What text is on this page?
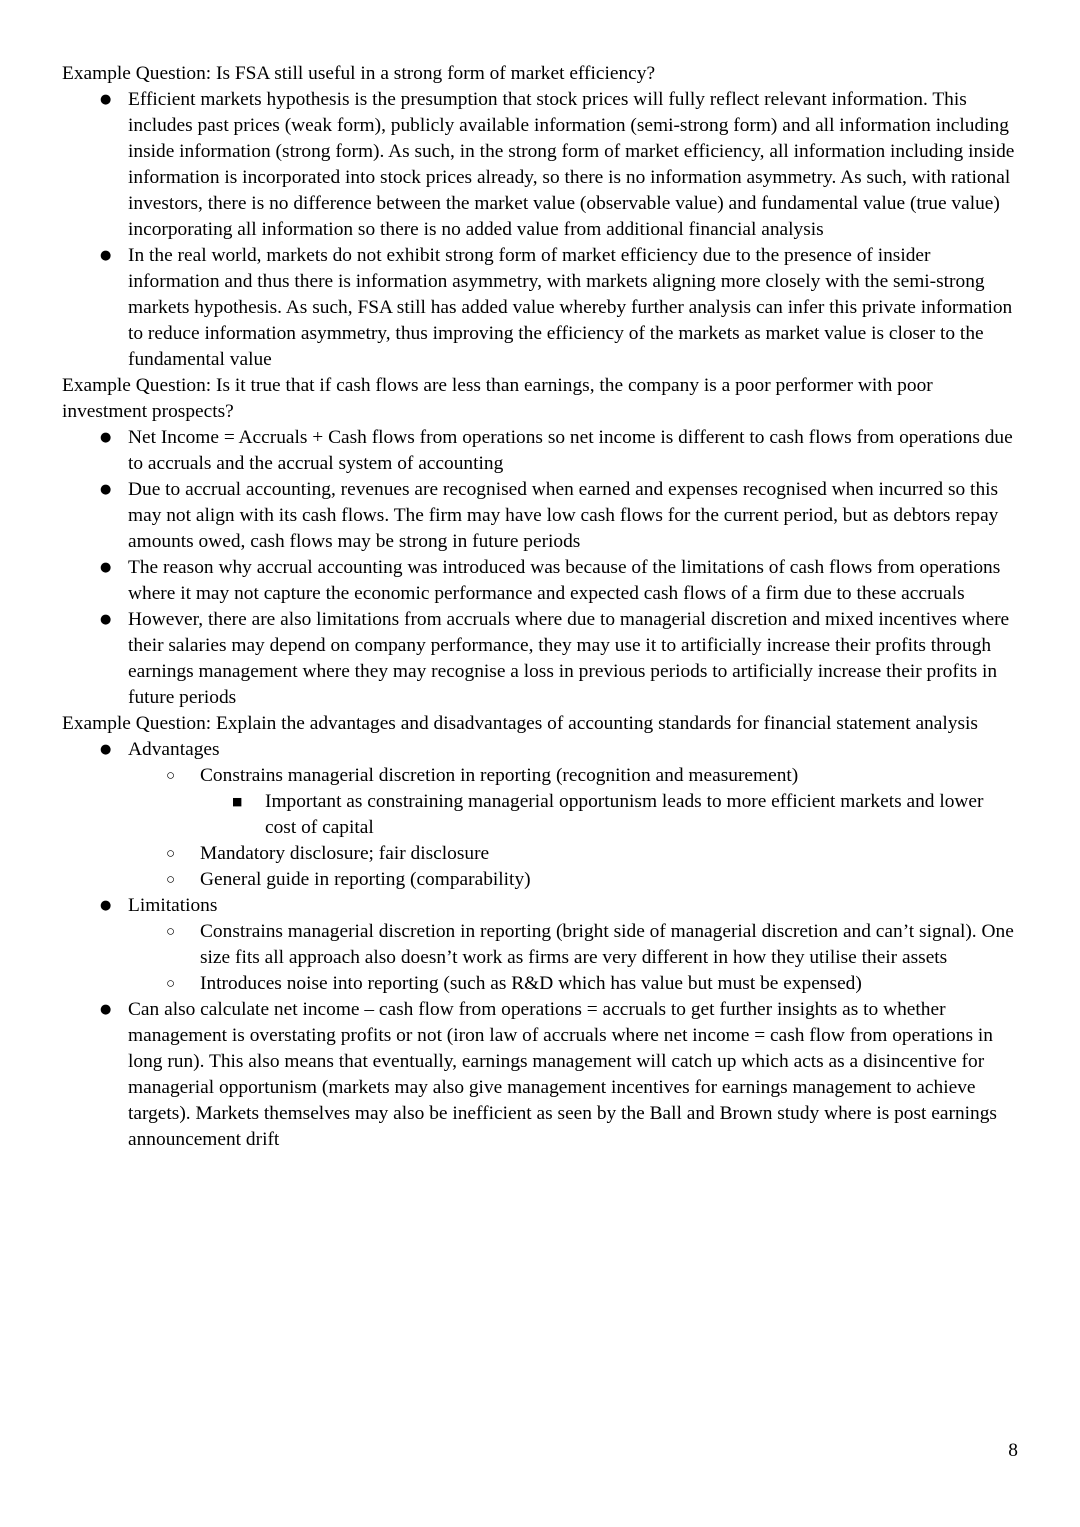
Example Question: Is FSA still useful in a strong form of market efficiency?
● Efficient markets hypothesis is the presumption that stock prices will fully reflect relevant information. This includes past prices (weak form), publicly available information (semi-strong form) and all information including inside information (strong form). As such, in the strong form of market efficiency, all information including inside information is incorporated into stock prices already, so there is no information asymmetry. As such, with rational investors, there is no difference between the market value (observable value) and fundamental value (true value) incorporating all information so there is no added value from additional financial analysis
● In the real world, markets do not exhibit strong form of market efficiency due to the presence of insider information and thus there is information asymmetry, with markets aligning more closely with the semi-strong markets hypothesis. As such, FSA still has added value whereby further analysis can infer this private information to reduce information asymmetry, thus improving the efficiency of the markets as market value is closer to the fundamental value
Example Question: Is it true that if cash flows are less than earnings, the company is a poor performer with poor investment prospects?
● Net Income = Accruals + Cash flows from operations so net income is different to cash flows from operations due to accruals and the accrual system of accounting
● Due to accrual accounting, revenues are recognised when earned and expenses recognised when incurred so this may not align with its cash flows. The firm may have low cash flows for the current period, but as debtors repay amounts owed, cash flows may be strong in future periods
● The reason why accrual accounting was introduced was because of the limitations of cash flows from operations where it may not capture the economic performance and expected cash flows of a firm due to these accruals
● However, there are also limitations from accruals where due to managerial discretion and mixed incentives where their salaries may depend on company performance, they may use it to artificially increase their profits through earnings management where they may recognise a loss in previous periods to artificially increase their profits in future periods
Example Question: Explain the advantages and disadvantages of accounting standards for financial statement analysis
● Advantages
○	Constrains managerial discretion in reporting (recognition and measurement)
■	Important as constraining managerial opportunism leads to more efficient markets and lower cost of capital
○	Mandatory disclosure; fair disclosure
○	General guide in reporting (comparability)
● Limitations
○	Constrains managerial discretion in reporting (bright side of managerial discretion and can’t signal). One size fits all approach also doesn’t work as firms are very different in how they utilise their assets
○	Introduces noise into reporting (such as R&D which has value but must be expensed)
● Can also calculate net income – cash flow from operations = accruals to get further insights as to whether management is overstating profits or not (iron law of accruals where net income = cash flow from operations in long run). This also means that eventually, earnings management will catch up which acts as a disincentive for managerial opportunism (markets may also give management incentives for earnings management to achieve targets). Markets themselves may also be inefficient as seen by the Ball and Brown study where is post earnings announcement drift
8
